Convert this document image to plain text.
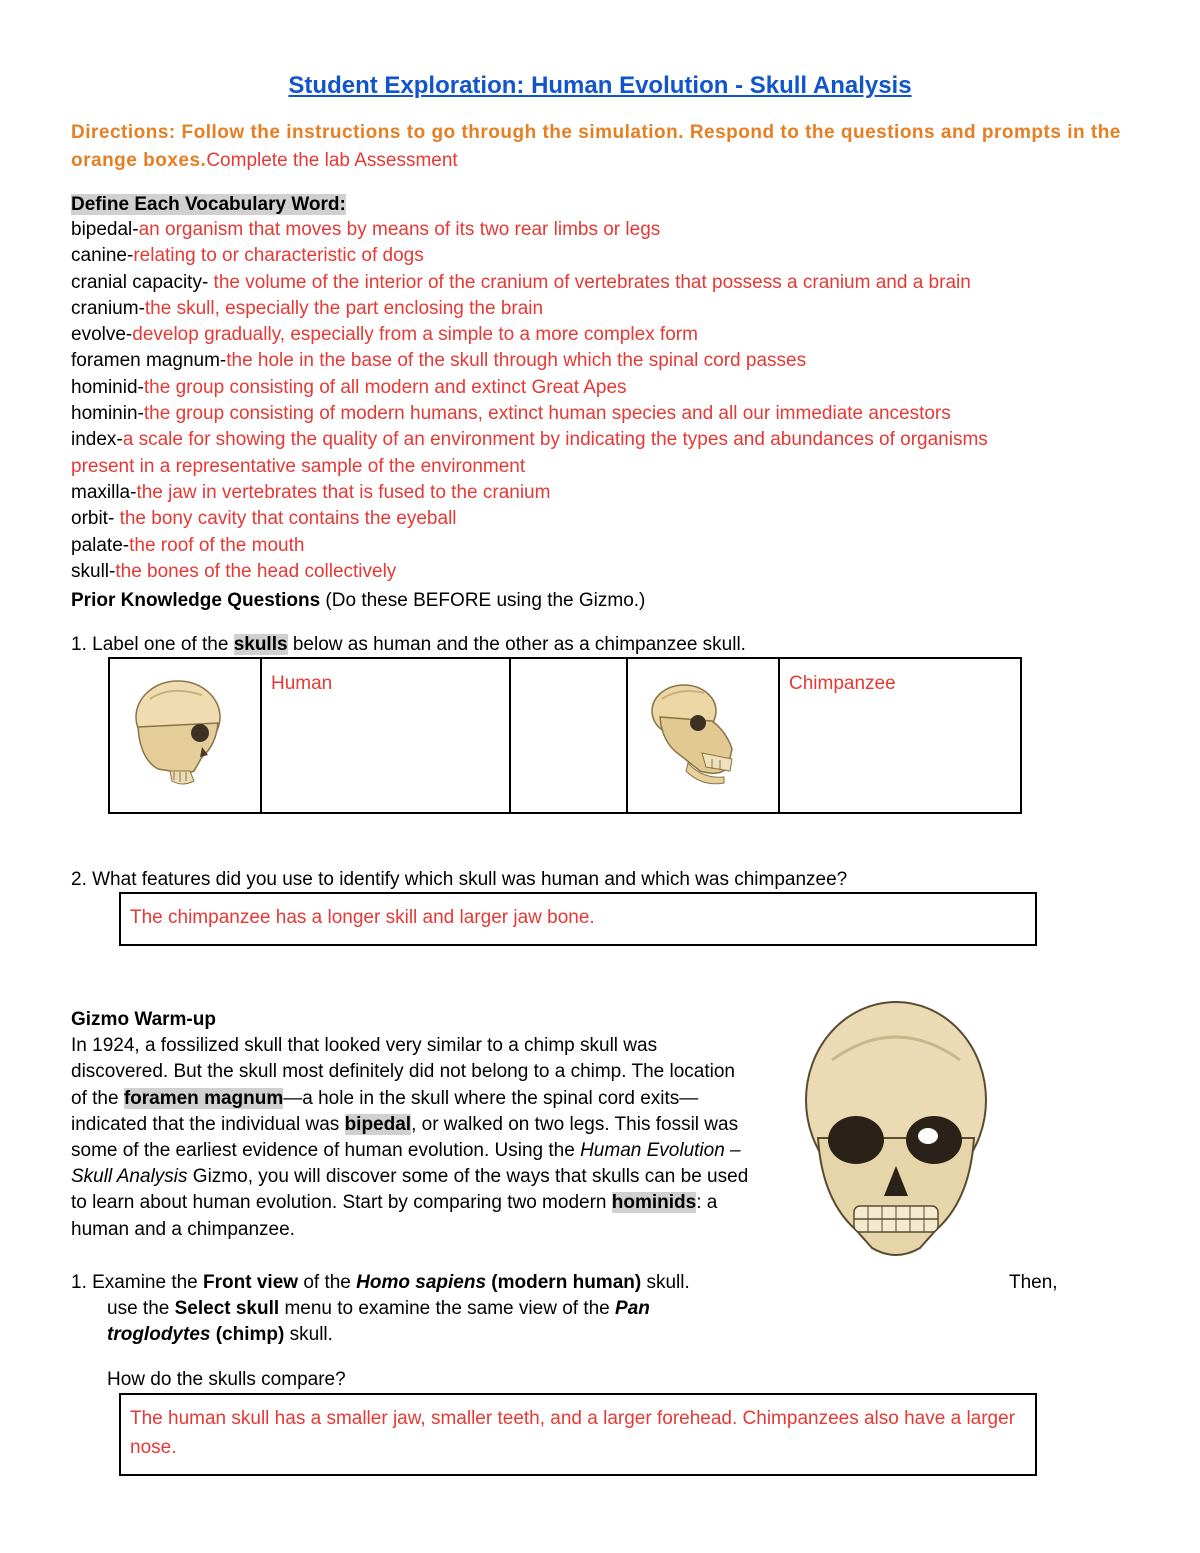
Student Exploration: Human Evolution - Skull Analysis
Directions: Follow the instructions to go through the simulation. Respond to the questions and prompts in the orange boxes.Complete the lab Assessment
Define Each Vocabulary Word:
bipedal-an organism that moves by means of its two rear limbs or legs
canine-relating to or characteristic of dogs
cranial capacity- the volume of the interior of the cranium of vertebrates that possess a cranium and a brain
cranium-the skull, especially the part enclosing the brain
evolve-develop gradually, especially from a simple to a more complex form
foramen magnum-the hole in the base of the skull through which the spinal cord passes
hominid-the group consisting of all modern and extinct Great Apes
hominin-the group consisting of modern humans, extinct human species and all our immediate ancestors
index-a scale for showing the quality of an environment by indicating the types and abundances of organisms
present in a representative sample of the environment
maxilla-the jaw in vertebrates that is fused to the cranium
orbit- the bony cavity that contains the eyeball
palate-the roof of the mouth
skull-the bones of the head collectively
Prior Knowledge Questions (Do these BEFORE using the Gizmo.)
1. Label one of the skulls below as human and the other as a chimpanzee skull.

Human			Chimpanzee
2. What features did you use to identify which skull was human and which was chimpanzee?
The chimpanzee has a longer skill and larger jaw bone.
Gizmo Warm-up
In 1924, a fossilized skull that looked very similar to a chimp skull was discovered. But the skull most definitely did not belong to a chimp. The location of the foramen magnum—a hole in the skull where the spinal cord exits—indicated that the individual was bipedal, or walked on two legs. This fossil was some of the earliest evidence of human evolution. Using the Human Evolution – Skull Analysis Gizmo, you will discover some of the ways that skulls can be used to learn about human evolution. Start by comparing two modern hominids: a human and a chimpanzee.
1. Examine the Front view of the Homo sapiens (modern human) skull.	Then,
use the Select skull menu to examine the same view of the Pan troglodytes (chimp) skull.
How do the skulls compare?
The human skull has a smaller jaw, smaller teeth, and a larger forehead. Chimpanzees also have a larger nose.
